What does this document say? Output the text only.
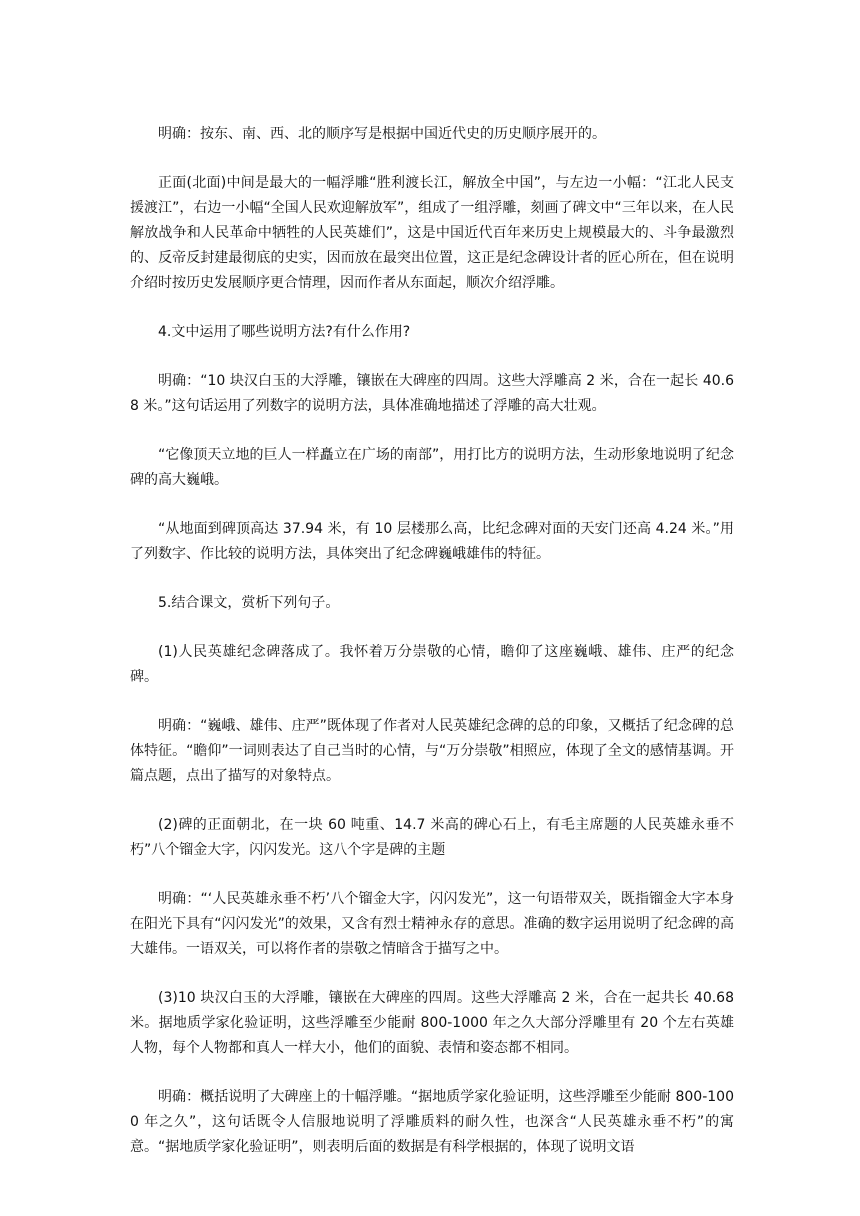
明确：按东、南、西、北的顺序写是根据中国近代史的历史顺序展开的。

正面(北面)中间是最大的一幅浮雕“胜利渡长江，解放全中国”，与左边一小幅：“江北人民支援渡江”，右边一小幅“全国人民欢迎解放军”，组成了一组浮雕，刻画了碑文中“三年以来，在人民解放战争和人民革命中牺牲的人民英雄们”，这是中国近代百年来历史上规模最大的、斗争最激烈的、反帝反封建最彻底的史实，因而放在最突出位置，这正是纪念碑设计者的匠心所在，但在说明介绍时按历史发展顺序更合情理，因而作者从东面起，顺次介绍浮雕。

4.文中运用了哪些说明方法?有什么作用?

明确：“10 块汉白玉的大浮雕，镶嵌在大碑座的四周。这些大浮雕高 2 米，合在一起长 40.68 米。”这句话运用了列数字的说明方法，具体准确地描述了浮雕的高大壮观。

“它像顶天立地的巨人一样矗立在广场的南部”，用打比方的说明方法，生动形象地说明了纪念碑的高大巍峨。

“从地面到碑顶高达 37.94 米，有 10 层楼那么高，比纪念碑对面的天安门还高 4.24 米。”用了列数字、作比较的说明方法，具体突出了纪念碑巍峨雄伟的特征。

5.结合课文，赏析下列句子。

(1)人民英雄纪念碑落成了。我怀着万分崇敬的心情，瞻仰了这座巍峨、雄伟、庄严的纪念碑。

明确：“巍峨、雄伟、庄严”既体现了作者对人民英雄纪念碑的总的印象，又概括了纪念碑的总体特征。“瞻仰”一词则表达了自己当时的心情，与“万分崇敬”相照应，体现了全文的感情基调。开篇点题，点出了描写的对象特点。

(2)碑的正面朝北，在一块 60 吨重、14.7 米高的碑心石上，有毛主席题的人民英雄永垂不朽”八个镏金大字，闪闪发光。这八个字是碑的主题

明确：“‘人民英雄永垂不朽’八个镏金大字，闪闪发光”，这一句语带双关，既指镏金大字本身在阳光下具有“闪闪发光”的效果，又含有烈士精神永存的意思。准确的数字运用说明了纪念碑的高大雄伟。一语双关，可以将作者的崇敬之情暗含于描写之中。

(3)10 块汉白玉的大浮雕，镶嵌在大碑座的四周。这些大浮雕高 2 米，合在一起共长 40.68 米。据地质学家化验证明，这些浮雕至少能耐 800-1000 年之久大部分浮雕里有 20 个左右英雄人物，每个人物都和真人一样大小，他们的面貌、表情和姿态都不相同。

明确：概括说明了大碑座上的十幅浮雕。“据地质学家化验证明，这些浮雕至少能耐 800-1000 年之久”，这句话既令人信服地说明了浮雕质料的耐久性，也深含“人民英雄永垂不朽”的寓意。“据地质学家化验证明”，则表明后面的数据是有科学根据的，体现了说明文语
